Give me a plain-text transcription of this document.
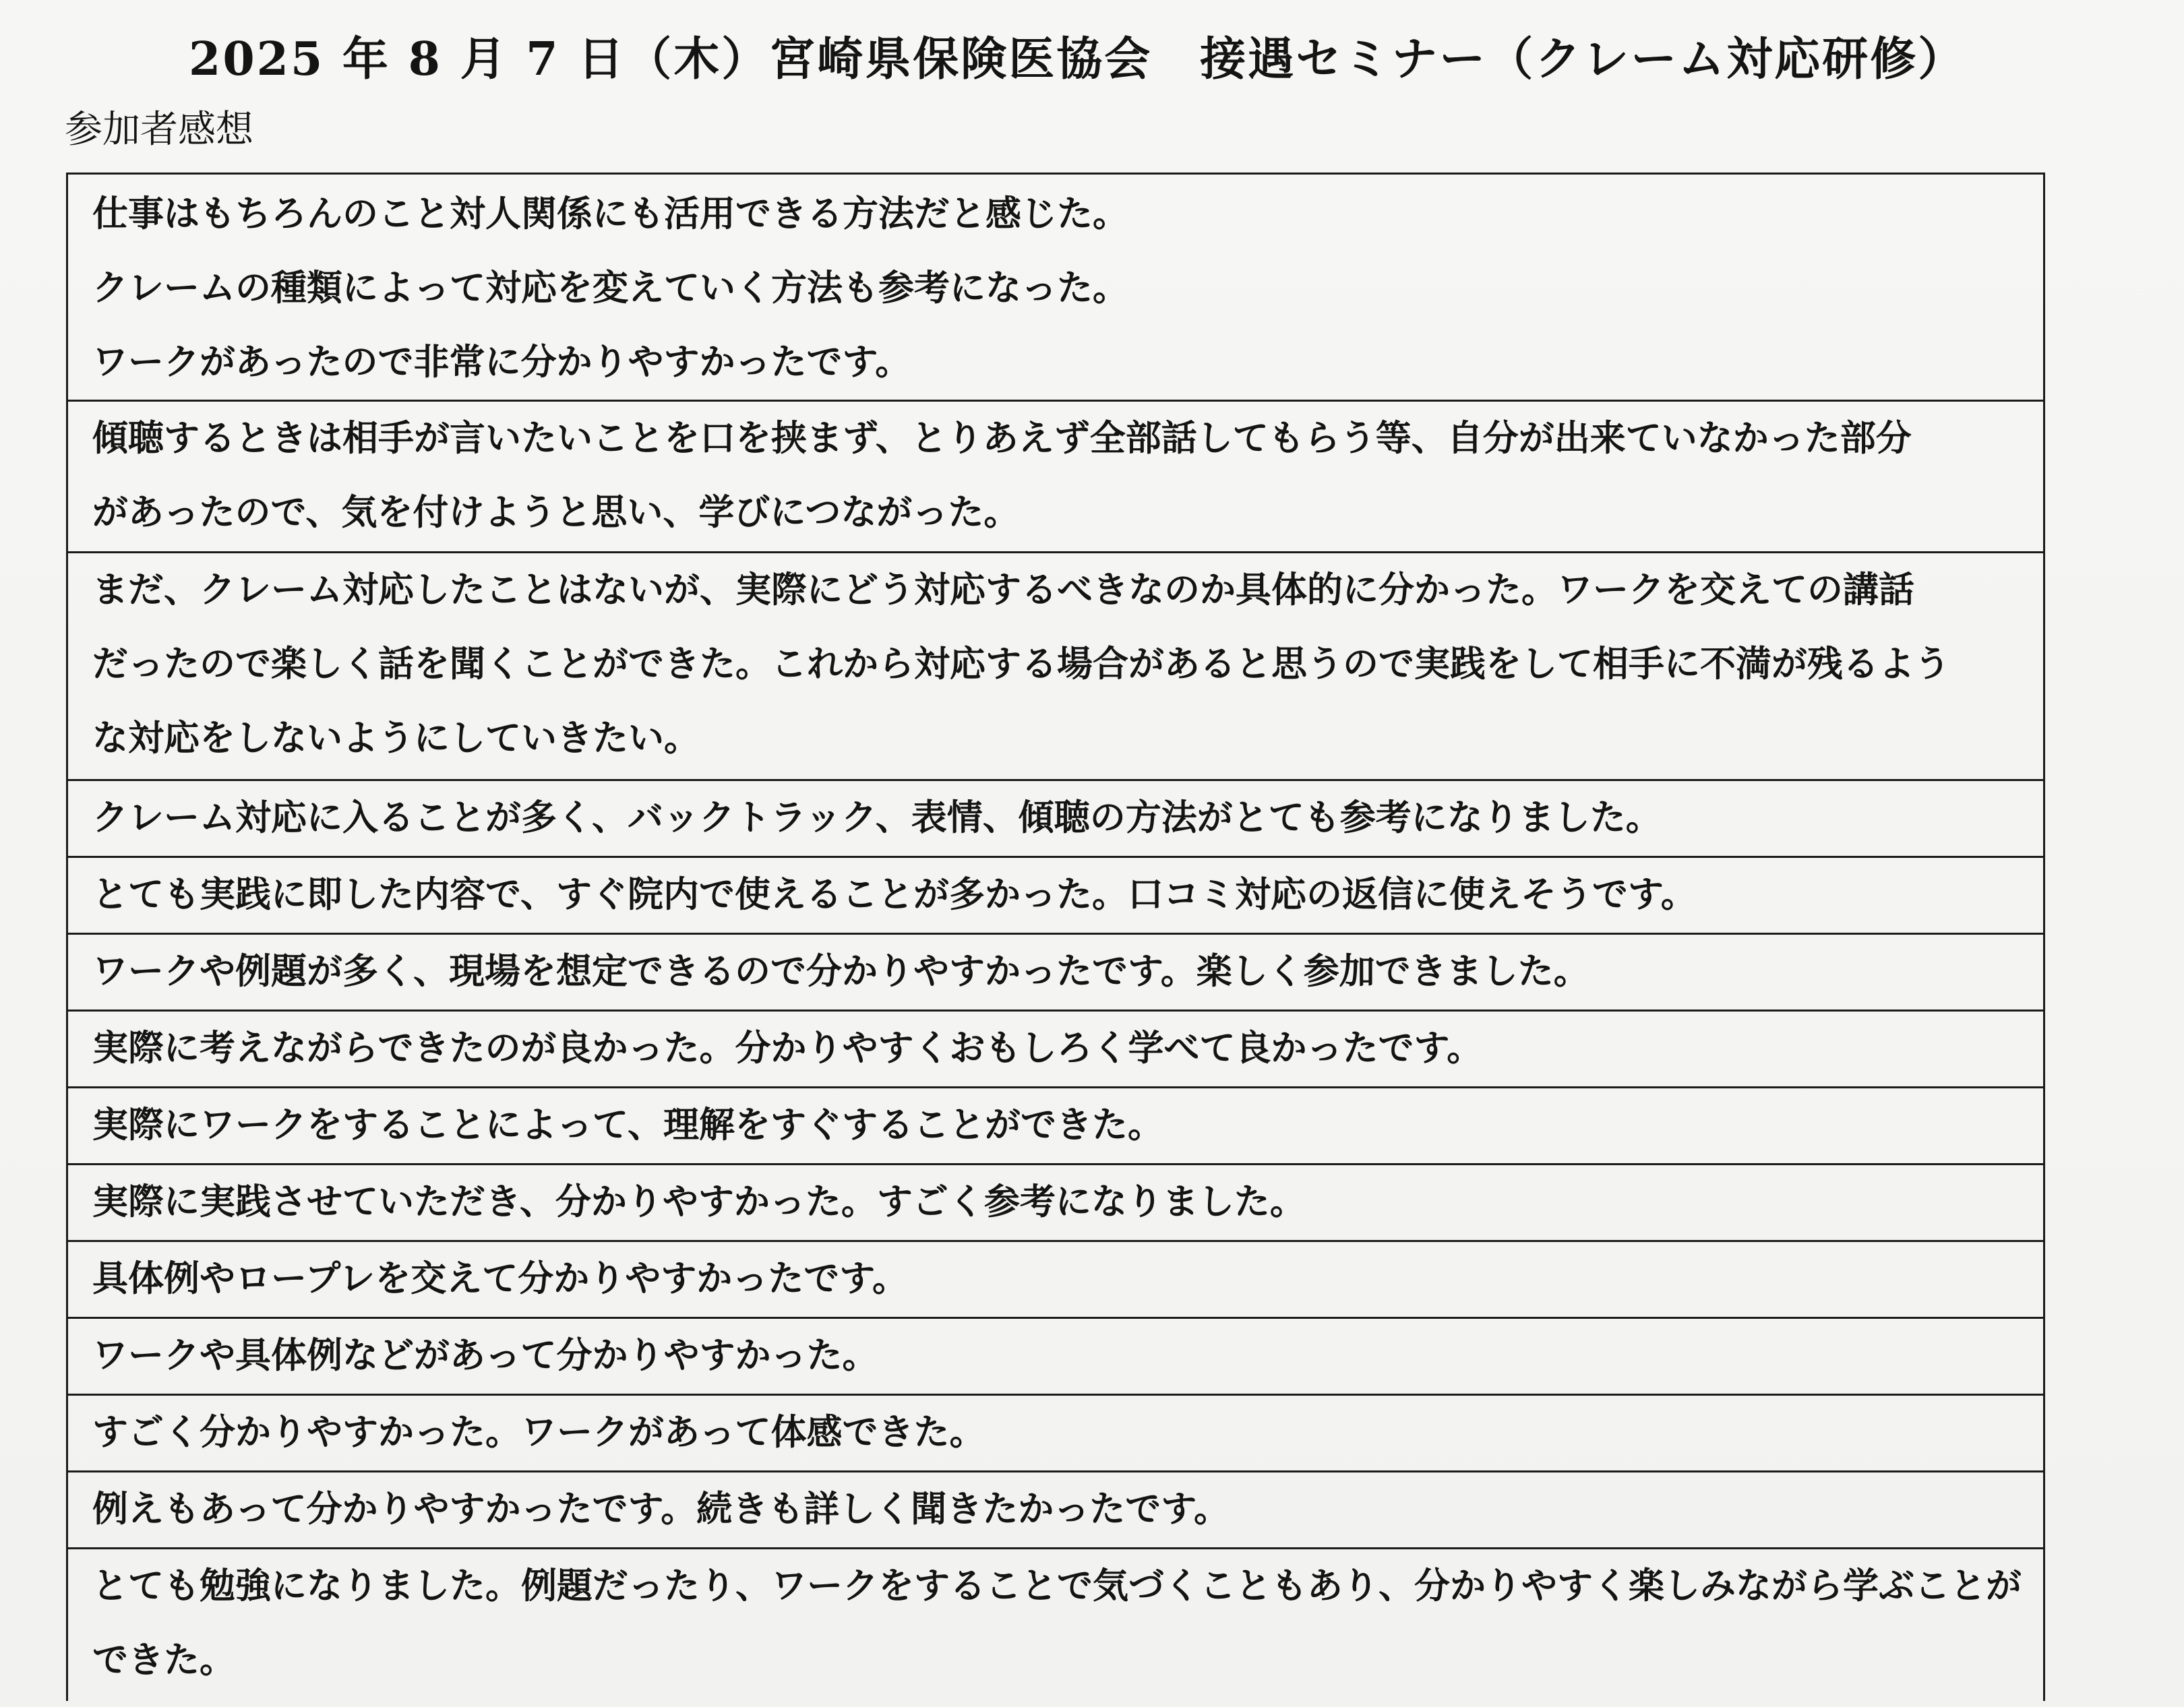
2025 年 8 月 7 日（木）宮崎県保険医協会　接遇セミナー（クレーム対応研修）
参加者感想
仕事はもちろんのこと対人関係にも活用できる方法だと感じた。
クレームの種類によって対応を変えていく方法も参考になった。
ワークがあったので非常に分かりやすかったです。
傾聴するときは相手が言いたいことを口を挟まず、とりあえず全部話してもらう等、自分が出来ていなかった部分
があったので、気を付けようと思い、学びにつながった。
まだ、クレーム対応したことはないが、実際にどう対応するべきなのか具体的に分かった。ワークを交えての講話
だったので楽しく話を聞くことができた。これから対応する場合があると思うので実践をして相手に不満が残るよう
な対応をしないようにしていきたい。
クレーム対応に入ることが多く、バックトラック、表情、傾聴の方法がとても参考になりました。
とても実践に即した内容で、すぐ院内で使えることが多かった。口コミ対応の返信に使えそうです。
ワークや例題が多く、現場を想定できるので分かりやすかったです。楽しく参加できました。
実際に考えながらできたのが良かった。分かりやすくおもしろく学べて良かったです。
実際にワークをすることによって、理解をすぐすることができた。
実際に実践させていただき、分かりやすかった。すごく参考になりました。
具体例やロープレを交えて分かりやすかったです。
ワークや具体例などがあって分かりやすかった。
すごく分かりやすかった。ワークがあって体感できた。
例えもあって分かりやすかったです。続きも詳しく聞きたかったです。
とても勉強になりました。例題だったり、ワークをすることで気づくこともあり、分かりやすく楽しみながら学ぶことが
できた。
